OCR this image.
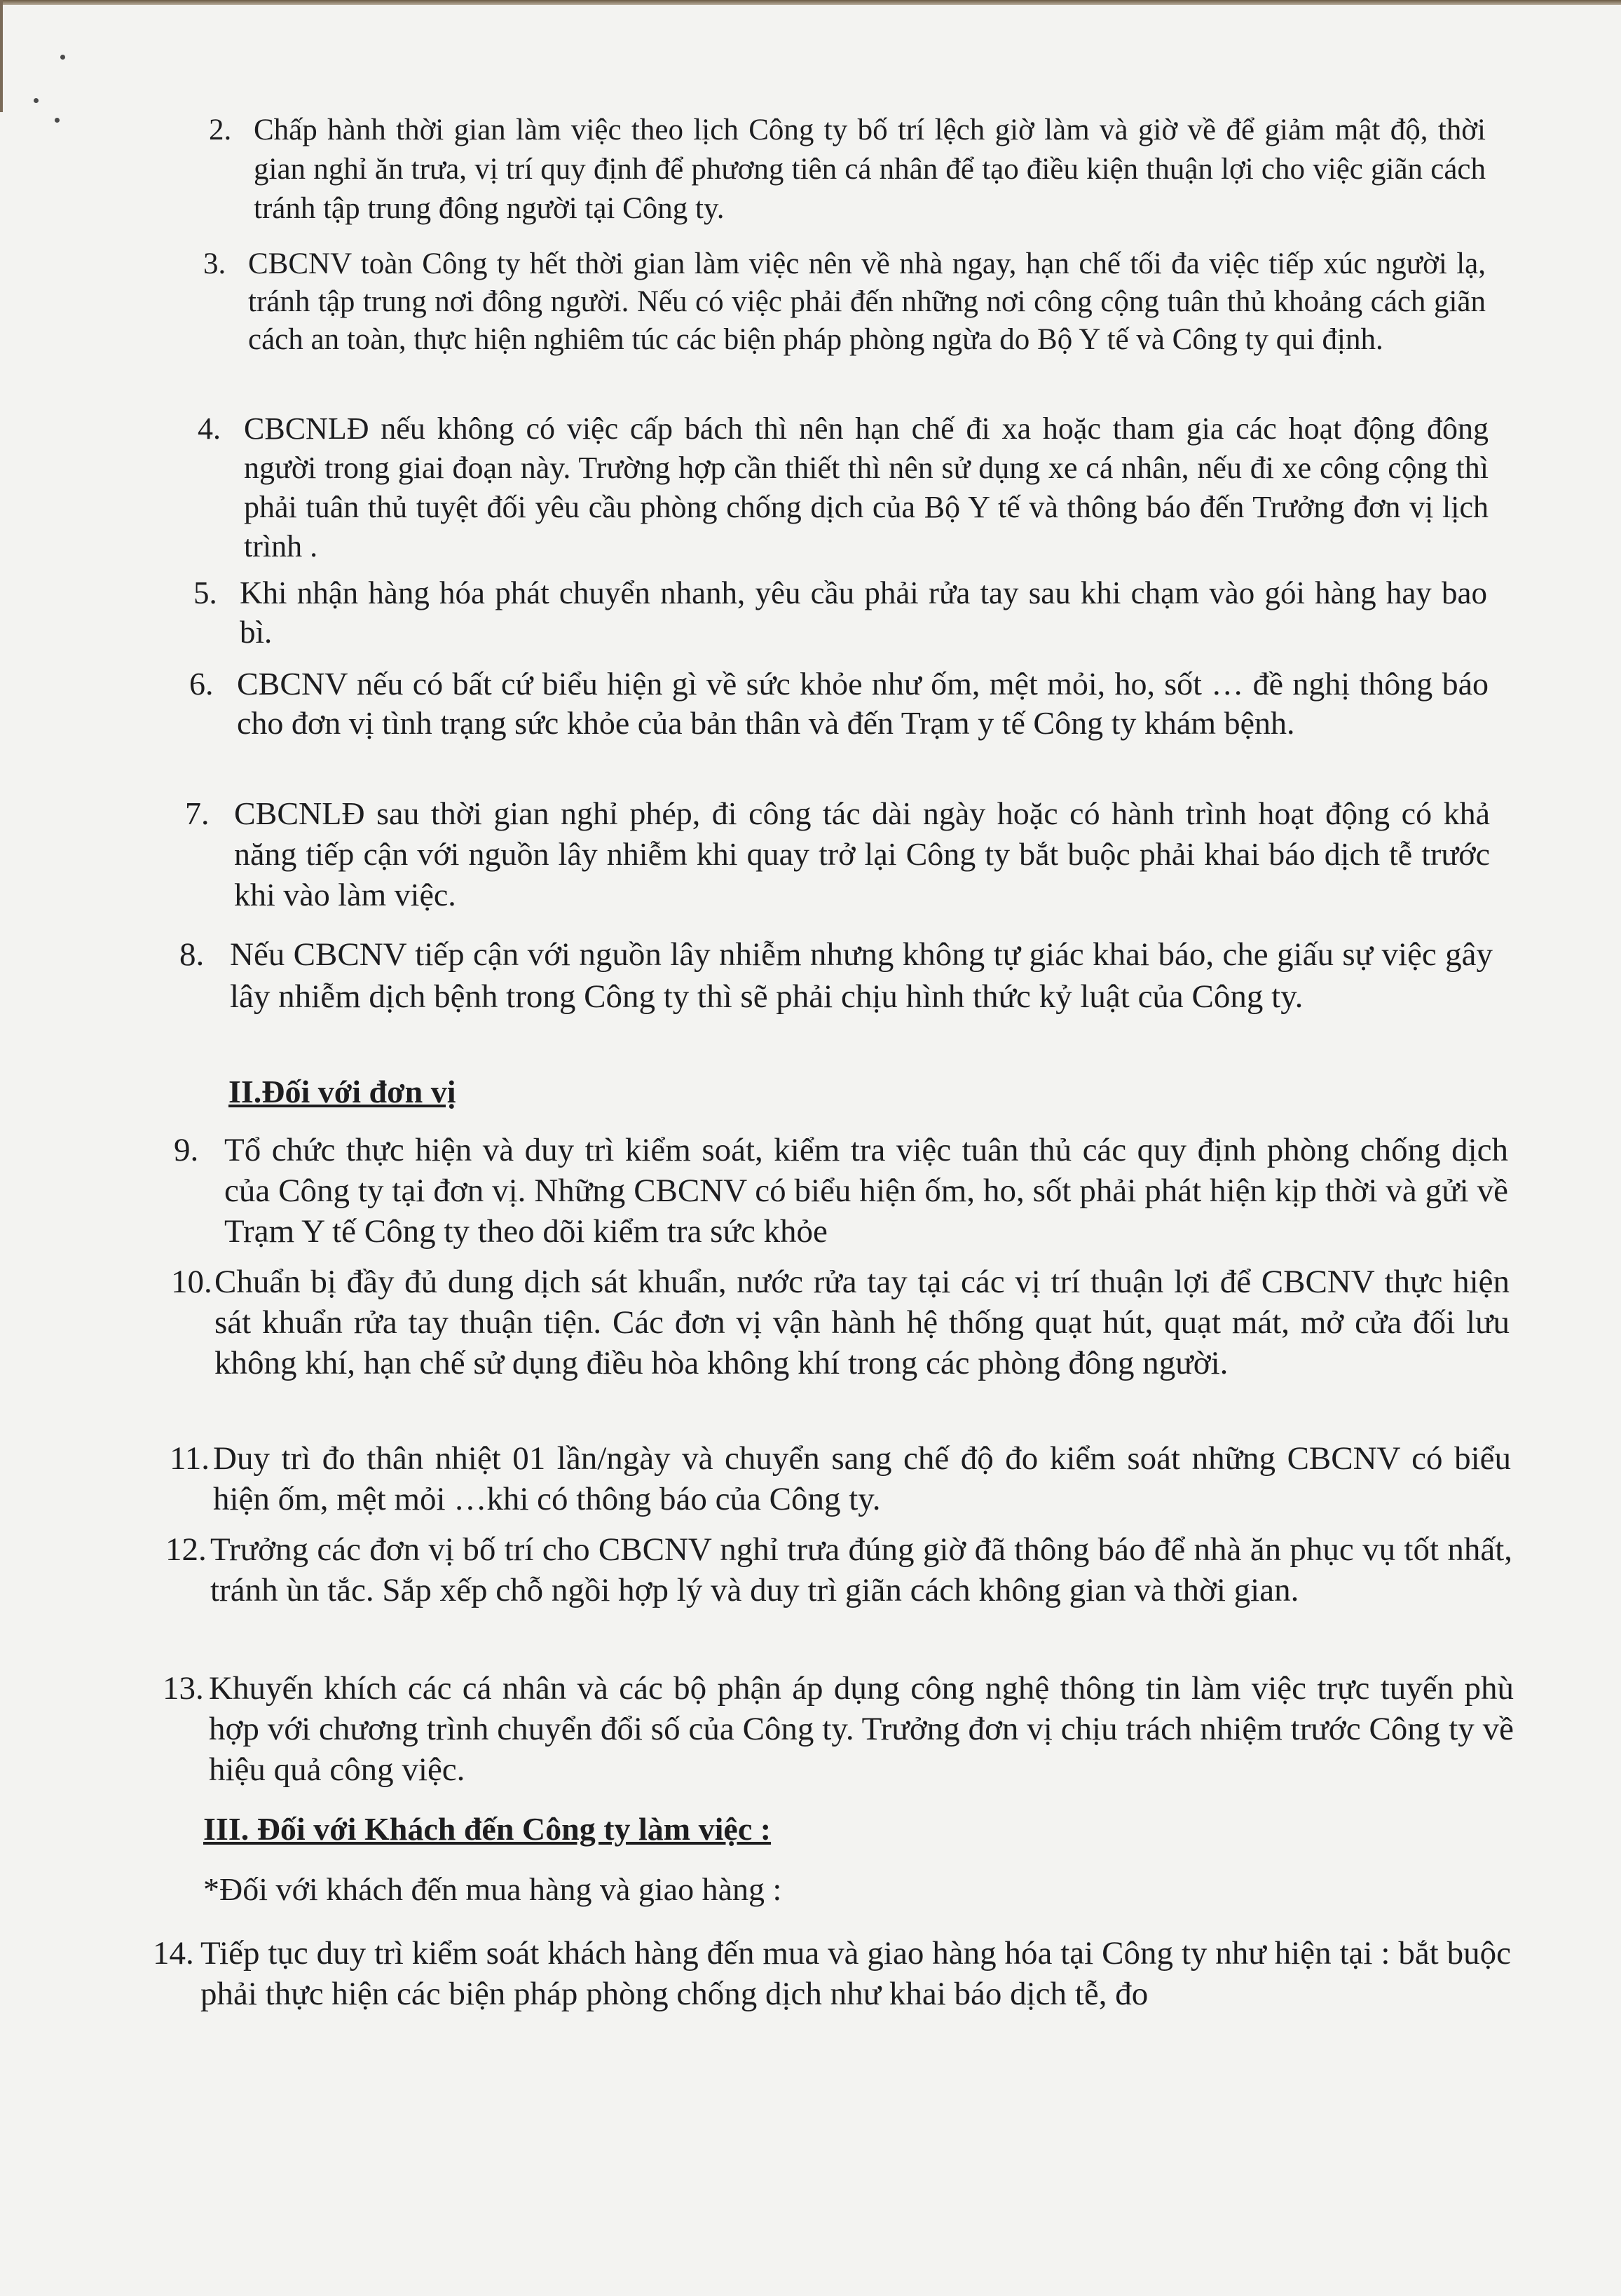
2. Chấp hành thời gian làm việc theo lịch Công ty bố trí lệch giờ làm và giờ về để giảm mật độ, thời gian nghỉ ăn trưa, vị trí quy định để phương tiên cá nhân để tạo điều kiện thuận lợi cho việc giãn cách tránh tập trung đông người tại Công ty.
3. CBCNV toàn Công ty hết thời gian làm việc nên về nhà ngay, hạn chế tối đa việc tiếp xúc người lạ, tránh tập trung nơi đông người. Nếu có việc phải đến những nơi công cộng tuân thủ khoảng cách giãn cách an toàn, thực hiện nghiêm túc các biện pháp phòng ngừa do Bộ Y tế và Công ty qui định.
4. CBCNLĐ nếu không có việc cấp bách thì nên hạn chế đi xa hoặc tham gia các hoạt động đông người trong giai đoạn này. Trường hợp cần thiết thì nên sử dụng xe cá nhân, nếu đi xe công cộng thì phải tuân thủ tuyệt đối yêu cầu phòng chống dịch của Bộ Y tế và thông báo đến Trưởng đơn vị lịch trình .
5. Khi nhận hàng hóa phát chuyển nhanh, yêu cầu phải rửa tay sau khi chạm vào gói hàng hay bao bì.
6. CBCNV nếu có bất cứ biểu hiện gì về sức khỏe như ốm, mệt mỏi, ho, sốt … đề nghị thông báo cho đơn vị tình trạng sức khỏe của bản thân và đến Trạm y tế Công ty khám bệnh.
7. CBCNLĐ sau thời gian nghỉ phép, đi công tác dài ngày hoặc có hành trình hoạt động có khả năng tiếp cận với nguồn lây nhiễm khi quay trở lại Công ty bắt buộc phải khai báo dịch tễ trước khi vào làm việc.
8. Nếu CBCNV tiếp cận với nguồn lây nhiễm nhưng không tự giác khai báo, che giấu sự việc gây lây nhiễm dịch bệnh trong Công ty thì sẽ phải chịu hình thức kỷ luật của Công ty.
II.Đối với đơn vị
9. Tổ chức thực hiện và duy trì kiểm soát, kiểm tra việc tuân thủ các quy định phòng chống dịch của Công ty tại đơn vị. Những CBCNV có biểu hiện ốm, ho, sốt phải phát hiện kịp thời và gửi về Trạm Y tế Công ty theo dõi kiểm tra sức khỏe
10. Chuẩn bị đầy đủ dung dịch sát khuẩn, nước rửa tay tại các vị trí thuận lợi để CBCNV thực hiện sát khuẩn rửa tay thuận tiện. Các đơn vị vận hành hệ thống quạt hút, quạt mát, mở cửa đối lưu không khí, hạn chế sử dụng điều hòa không khí trong các phòng đông người.
11. Duy trì đo thân nhiệt 01 lần/ngày và chuyển sang chế độ đo kiểm soát những CBCNV có biểu hiện ốm, mệt mỏi …khi có thông báo của Công ty.
12. Trưởng các đơn vị bố trí cho CBCNV nghỉ trưa đúng giờ đã thông báo để nhà ăn phục vụ tốt nhất, tránh ùn tắc. Sắp xếp chỗ ngồi hợp lý và duy trì giãn cách không gian và thời gian.
13. Khuyến khích các cá nhân và các bộ phận áp dụng công nghệ thông tin làm việc trực tuyến phù hợp với chương trình chuyển đổi số của Công ty. Trưởng đơn vị chịu trách nhiệm trước Công ty về hiệu quả công việc.
III. Đối với Khách đến Công ty làm việc :
*Đối với khách đến mua hàng và giao hàng :
14. Tiếp tục duy trì kiểm soát khách hàng đến mua và giao hàng hóa tại Công ty như hiện tại : bắt buộc phải thực hiện các biện pháp phòng chống dịch như khai báo dịch tễ, đo
